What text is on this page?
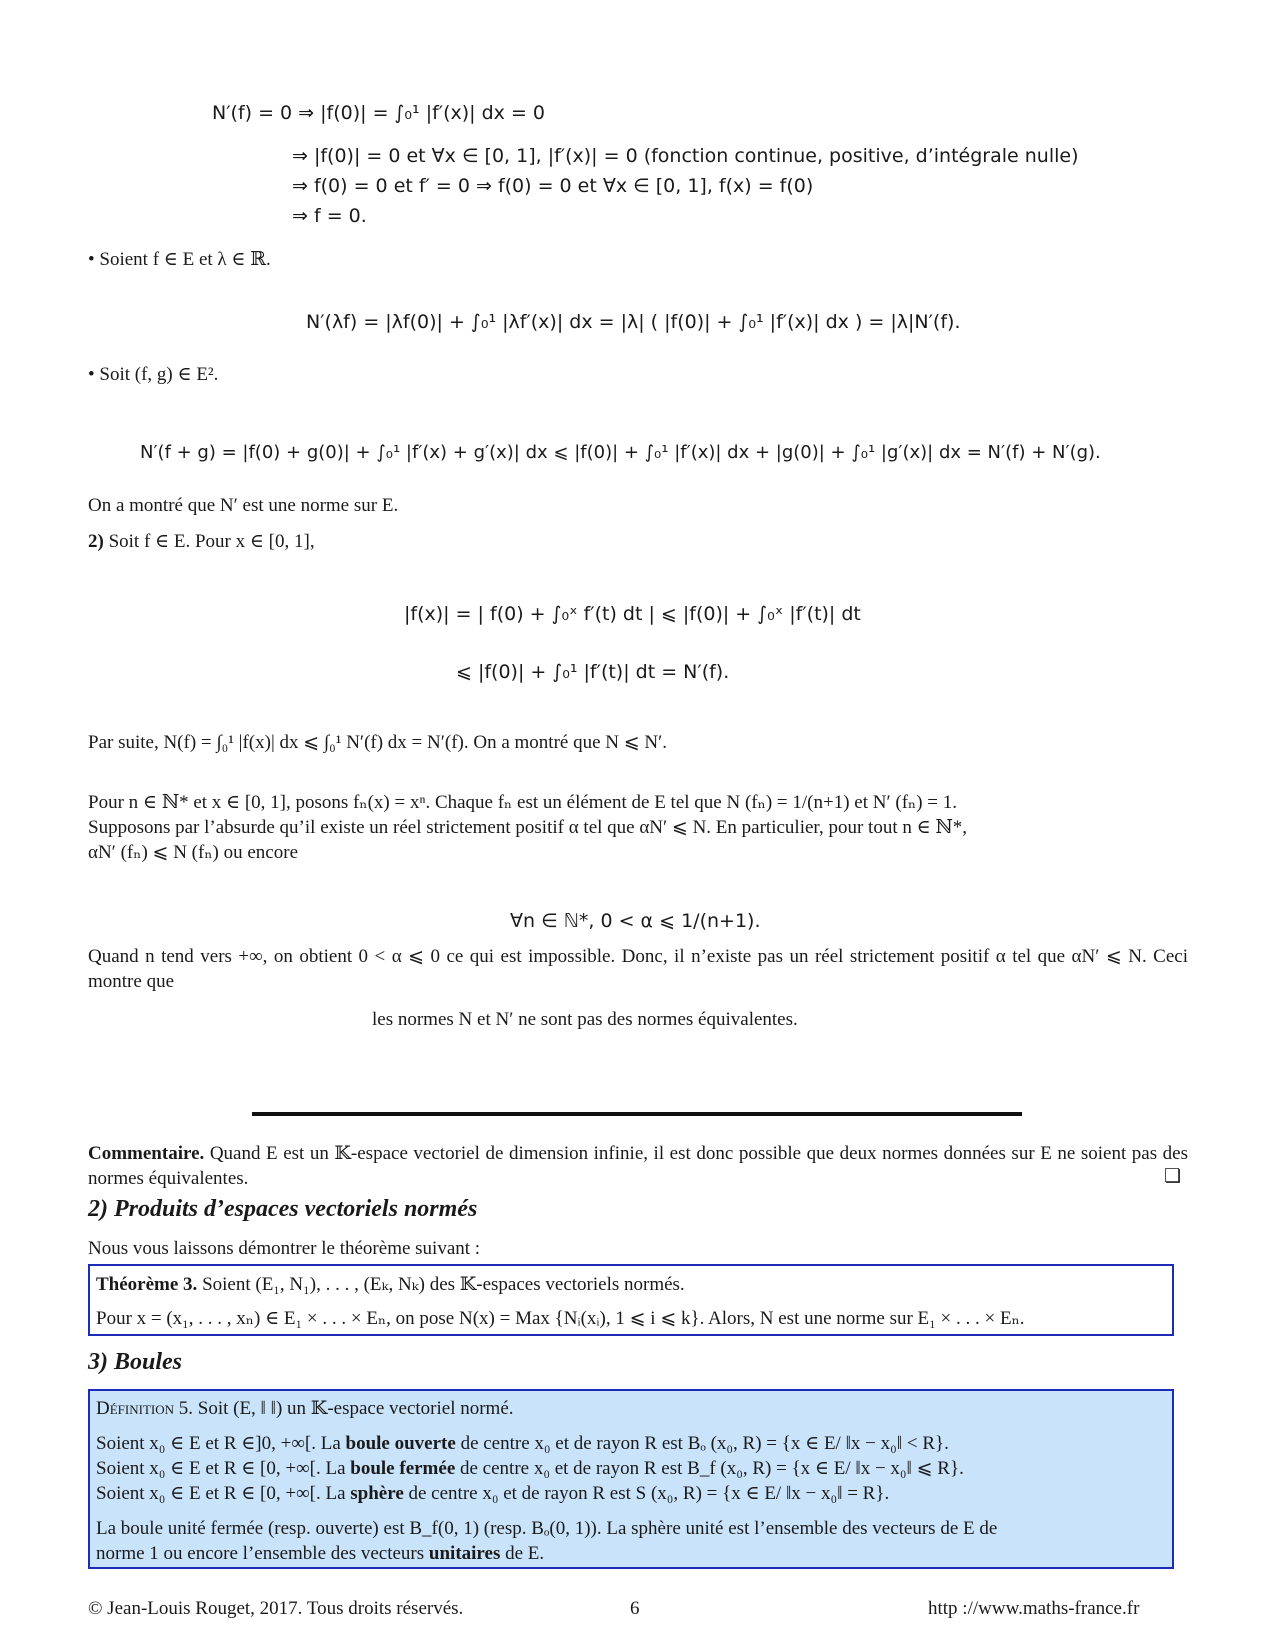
N′(f) = 0 ⇒ |f(0)| = ∫₀¹ |f′(x)| dx = 0
⇒ |f(0)| = 0 et ∀x ∈ [0, 1], |f′(x)| = 0 (fonction continue, positive, d’intégrale nulle)
⇒ f(0) = 0 et f′ = 0 ⇒ f(0) = 0 et ∀x ∈ [0, 1], f(x) = f(0)
⇒ f = 0.
• Soient f ∈ E et λ ∈ ℝ.
N′(λf) = |λf(0)| + ∫₀¹ |λf′(x)| dx = |λ| ( |f(0)| + ∫₀¹ |f′(x)| dx ) = |λ|N′(f).
• Soit (f, g) ∈ E².
N′(f + g) = |f(0) + g(0)| + ∫₀¹ |f′(x) + g′(x)| dx ⩽ |f(0)| + ∫₀¹ |f′(x)| dx + |g(0)| + ∫₀¹ |g′(x)| dx = N′(f) + N′(g).
On a montré que N′ est une norme sur E.
2) Soit f ∈ E. Pour x ∈ [0, 1],
|f(x)| = | f(0) + ∫₀ˣ f′(t) dt | ⩽ |f(0)| + ∫₀ˣ |f′(t)| dt
⩽ |f(0)| + ∫₀¹ |f′(t)| dt = N′(f).
Par suite, N(f) = ∫₀¹ |f(x)| dx ⩽ ∫₀¹ N′(f) dx = N′(f). On a montré que N ⩽ N′.
Pour n ∈ ℕ* et x ∈ [0, 1], posons fₙ(x) = xⁿ. Chaque fₙ est un élément de E tel que N (fₙ) = 1/(n+1) et N′ (fₙ) = 1.
Supposons par l’absurde qu’il existe un réel strictement positif α tel que αN′ ⩽ N. En particulier, pour tout n ∈ ℕ*,
αN′ (fₙ) ⩽ N (fₙ) ou encore
∀n ∈ ℕ*, 0 < α ⩽ 1/(n+1).
Quand n tend vers +∞, on obtient 0 < α ⩽ 0 ce qui est impossible. Donc, il n’existe pas un réel strictement positif α tel que αN′ ⩽ N. Ceci montre que
les normes N et N′ ne sont pas des normes équivalentes.
Commentaire. Quand E est un 𝕂-espace vectoriel de dimension infinie, il est donc possible que deux normes données sur E ne soient pas des normes équivalentes.	❏
2) Produits d’espaces vectoriels normés
Nous vous laissons démontrer le théorème suivant :
Théorème 3. Soient (E₁, N₁), . . . , (Eₖ, Nₖ) des 𝕂-espaces vectoriels normés.
Pour x = (x₁, . . . , xₙ) ∈ E₁ × . . . × Eₙ, on pose N(x) = Max {Nᵢ(xᵢ), 1 ⩽ i ⩽ k}. Alors, N est une norme sur E₁ × . . . × Eₙ.
3) Boules
Définition 5. Soit (E, ‖ ‖) un 𝕂-espace vectoriel normé.
Soient x₀ ∈ E et R ∈]0, +∞[. La boule ouverte de centre x₀ et de rayon R est Bₒ (x₀, R) = {x ∈ E/ ‖x − x₀‖ < R}.
Soient x₀ ∈ E et R ∈ [0, +∞[. La boule fermée de centre x₀ et de rayon R est B_f (x₀, R) = {x ∈ E/ ‖x − x₀‖ ⩽ R}.
Soient x₀ ∈ E et R ∈ [0, +∞[. La sphère de centre x₀ et de rayon R est S (x₀, R) = {x ∈ E/ ‖x − x₀‖ = R}.
La boule unité fermée (resp. ouverte) est B_f(0, 1) (resp. Bₒ(0, 1)). La sphère unité est l’ensemble des vecteurs de E de
norme 1 ou encore l’ensemble des vecteurs unitaires de E.
© Jean-Louis Rouget, 2017. Tous droits réservés.	6	http ://www.maths-france.fr
